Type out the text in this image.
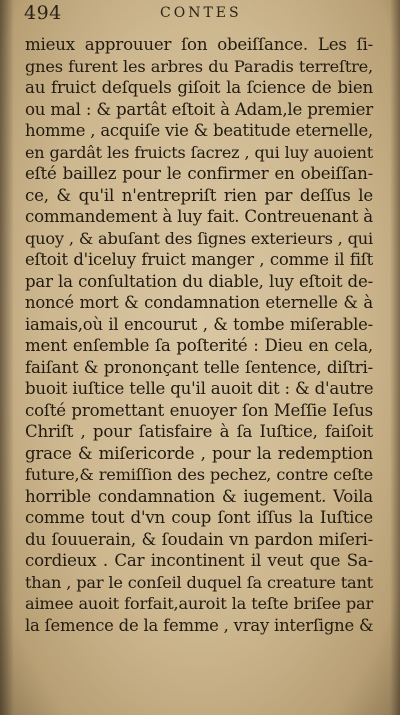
494	CONTES
mieux approuuer ſon obeiſſance. Les ſi-
gnes furent les arbres du Paradis terreſtre,
au fruict deſquels giſoit la ſcience de bien
ou mal : & partât eſtoit à Adam,le premier
homme , acquiſe vie & beatitude eternelle,
en gardât les fruicts ſacrez , qui luy auoient
eſté baillez pour le confirmer en obeiſſan-
ce, & qu'il n'entrepriſt rien par deſſus le
commandement à luy fait. Contreuenant à
quoy , & abuſant des ſignes exterieurs , qui
eſtoit d'iceluy fruict manger , comme il fiſt
par la conſultation du diable, luy eſtoit de-
noncé mort & condamnation eternelle & à
iamais,où il encourut , & tombe miſerable-
ment enſemble ſa poſterité : Dieu en cela,
faiſant & prononçant telle ſentence, diſtri-
buoit iuſtice telle qu'il auoit dit : & d'autre
coſté promettant enuoyer ſon Meſſie Ieſus
Chriſt , pour ſatisfaire à ſa Iuſtice, faiſoit
grace & miſericorde , pour la redemption
future,& remiſſion des pechez, contre ceſte
horrible condamnation & iugement. Voila
comme tout d'vn coup ſont iſſus la Iuſtice
du ſouuerain, & ſoudain vn pardon miſeri-
cordieux . Car incontinent il veut que Sa-
than , par le conſeil duquel ſa creature tant
aimee auoit forfait,auroit la teſte briſee par
la ſemence de la femme , vray interſigne &
